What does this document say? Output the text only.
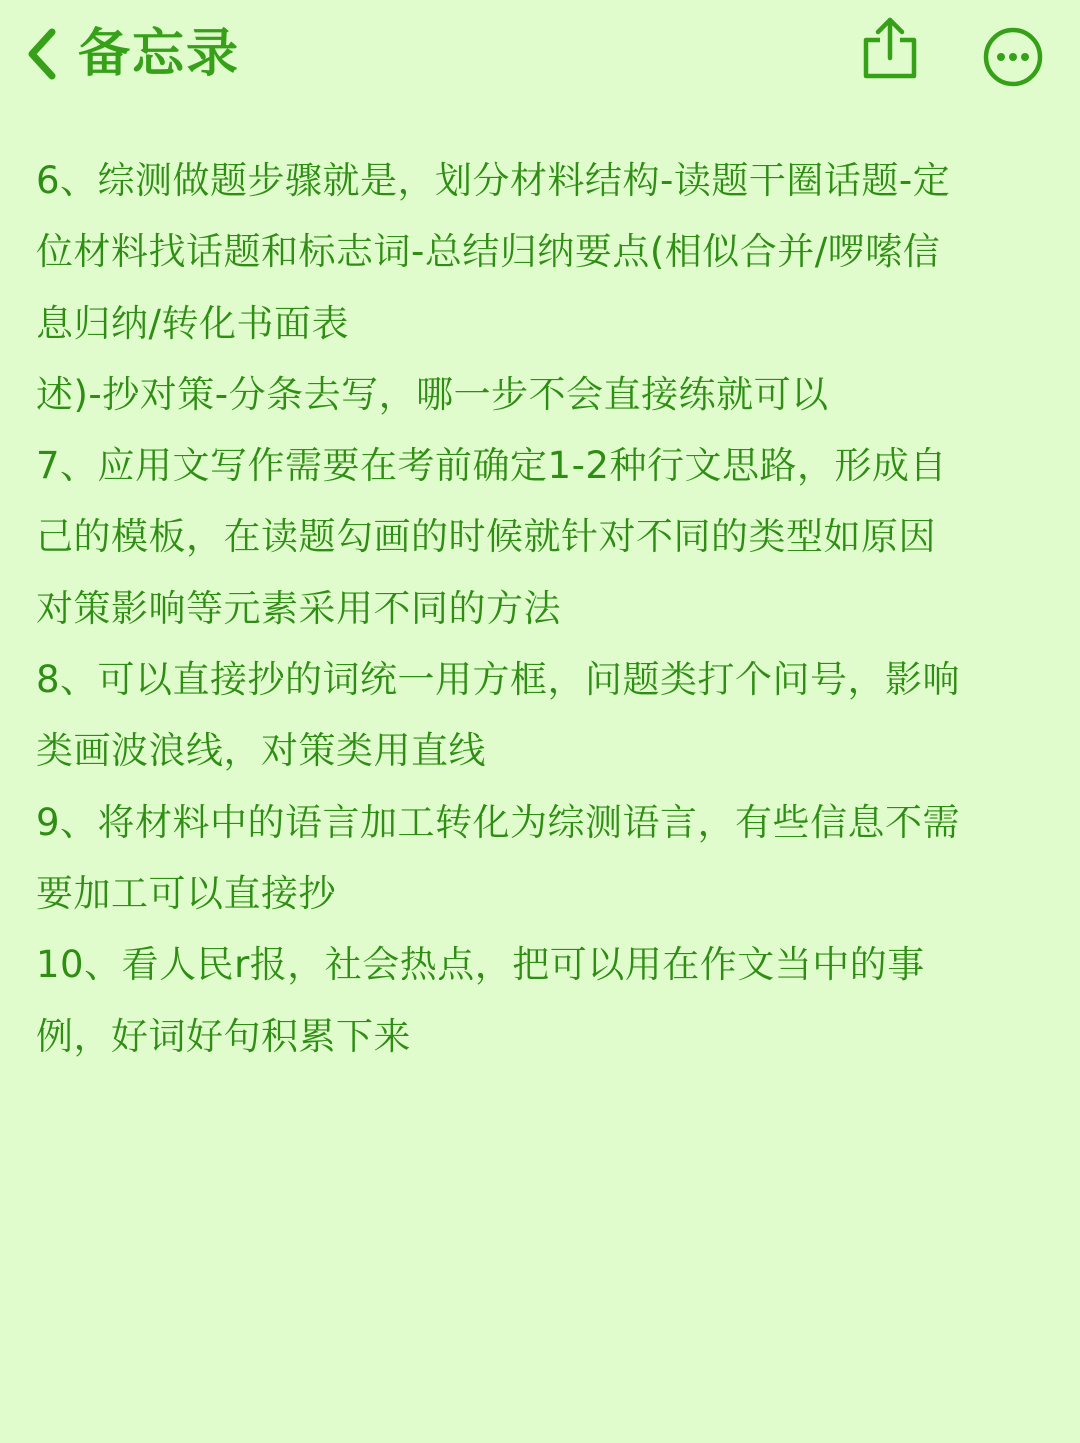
备忘录
6、综测做题步骤就是，划分材料结构-读题干圈话题-定
位材料找话题和标志词-总结归纳要点(相似合并/啰嗦信
息归纳/转化书面表
述)-抄对策-分条去写，哪一步不会直接练就可以
7、应用文写作需要在考前确定1-2种行文思路，形成自
己的模板，在读题勾画的时候就针对不同的类型如原因
对策影响等元素采用不同的方法
8、可以直接抄的词统一用方框，问题类打个问号，影响
类画波浪线，对策类用直线
9、将材料中的语言加工转化为综测语言，有些信息不需
要加工可以直接抄
10、看人民r报，社会热点，把可以用在作文当中的事
例，好词好句积累下来
